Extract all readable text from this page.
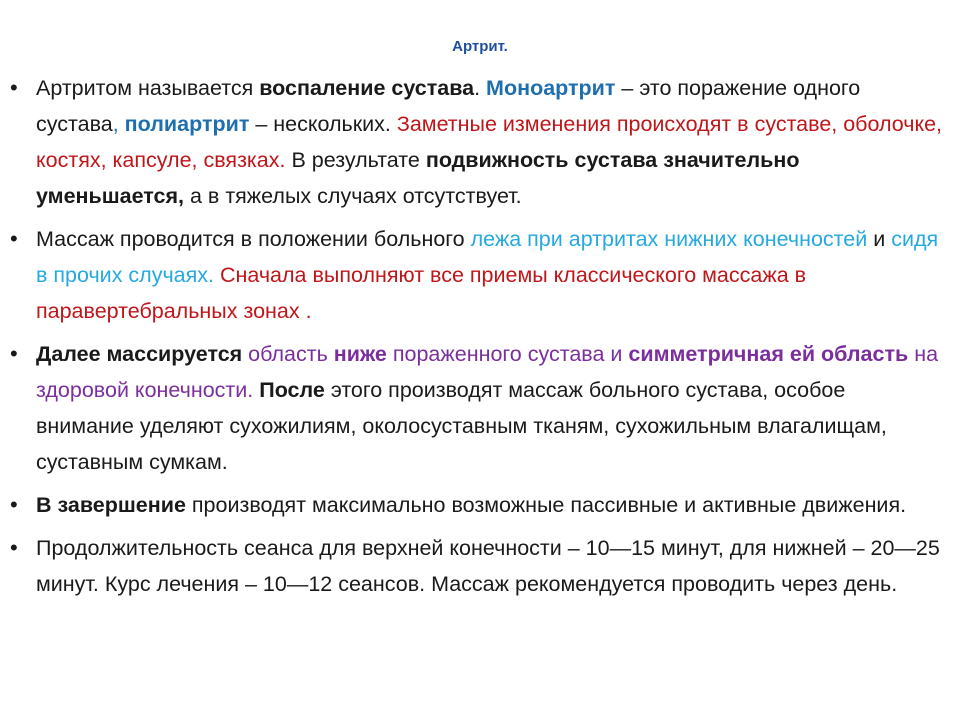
Артрит.
• Артритом называется воспаление сустава. Моноартрит – это поражение одного сустава, полиартрит – нескольких. Заметные изменения происходят в суставе, оболочке, костях, капсуле, связках. В результате подвижность сустава значительно уменьшается, а в тяжелых случаях отсутствует.
• Массаж проводится в положении больного лежа при артритах нижних конечностей и сидя в прочих случаях. Сначала выполняют все приемы классического массажа в паравертебральных зонах .
• Далее массируется область ниже пораженного сустава и симметричная ей область на здоровой конечности. После этого производят массаж больного сустава, особое внимание уделяют сухожилиям, околосуставным тканям, сухожильным влагалищам, суставным сумкам.
• В завершение производят максимально возможные пассивные и активные движения.
• Продолжительность сеанса для верхней конечности – 10—15 минут, для нижней – 20—25 минут. Курс лечения – 10—12 сеансов. Массаж рекомендуется проводить через день.
